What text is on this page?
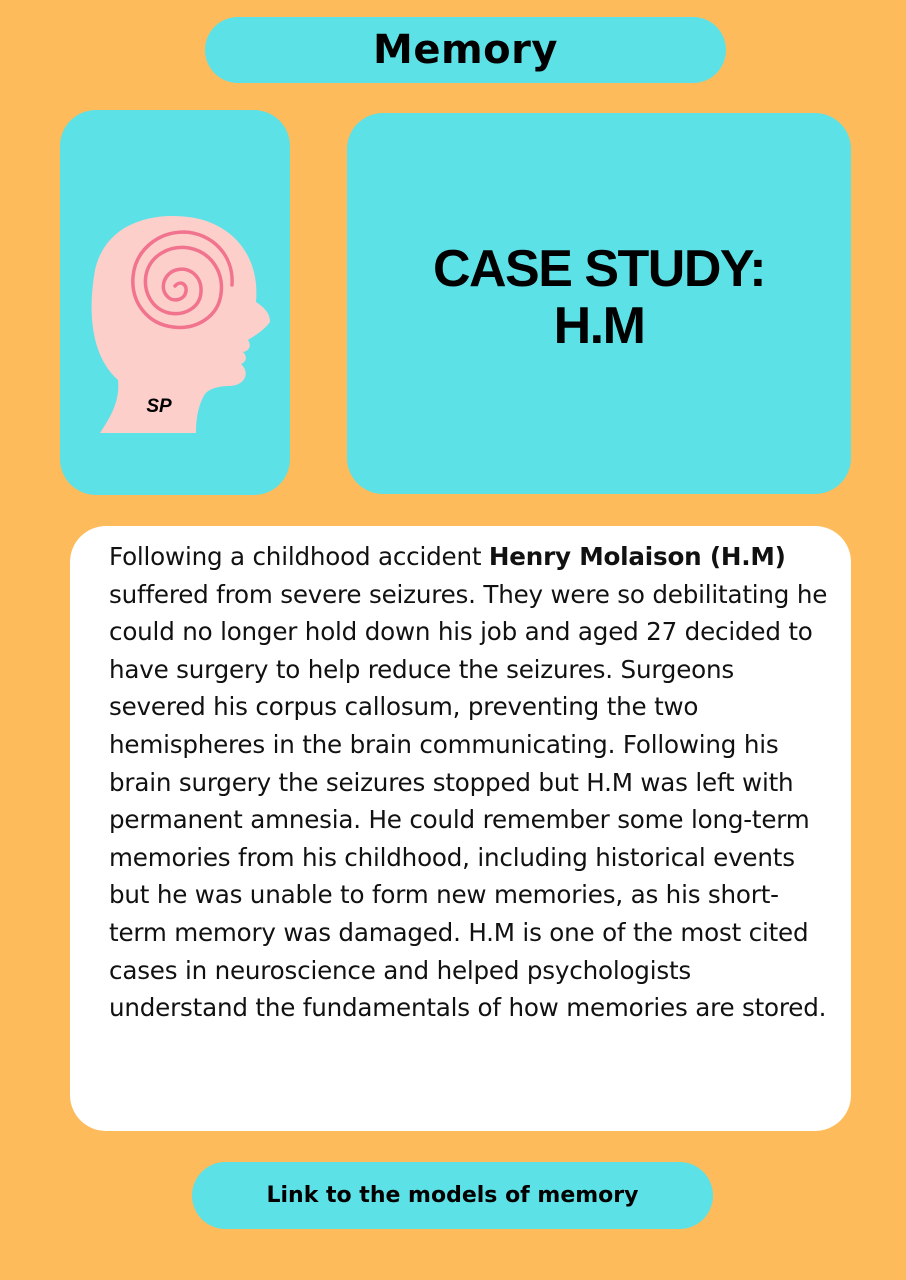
Memory
SP
CASE STUDY:
H.M

Following a childhood accident Henry Molaison (H.M) suffered from severe seizures. They were so debilitating he could no longer hold down his job and aged 27 decided to have surgery to help reduce the seizures. Surgeons severed his corpus callosum, preventing the two hemispheres in the brain communicating. Following his brain surgery the seizures stopped but H.M was left with permanent amnesia. He could remember some long-term memories from his childhood, including historical events but he was unable to form new memories, as his short-term memory was damaged. H.M is one of the most cited cases in neuroscience and helped psychologists understand the fundamentals of how memories are stored.

Link to the models of memory
